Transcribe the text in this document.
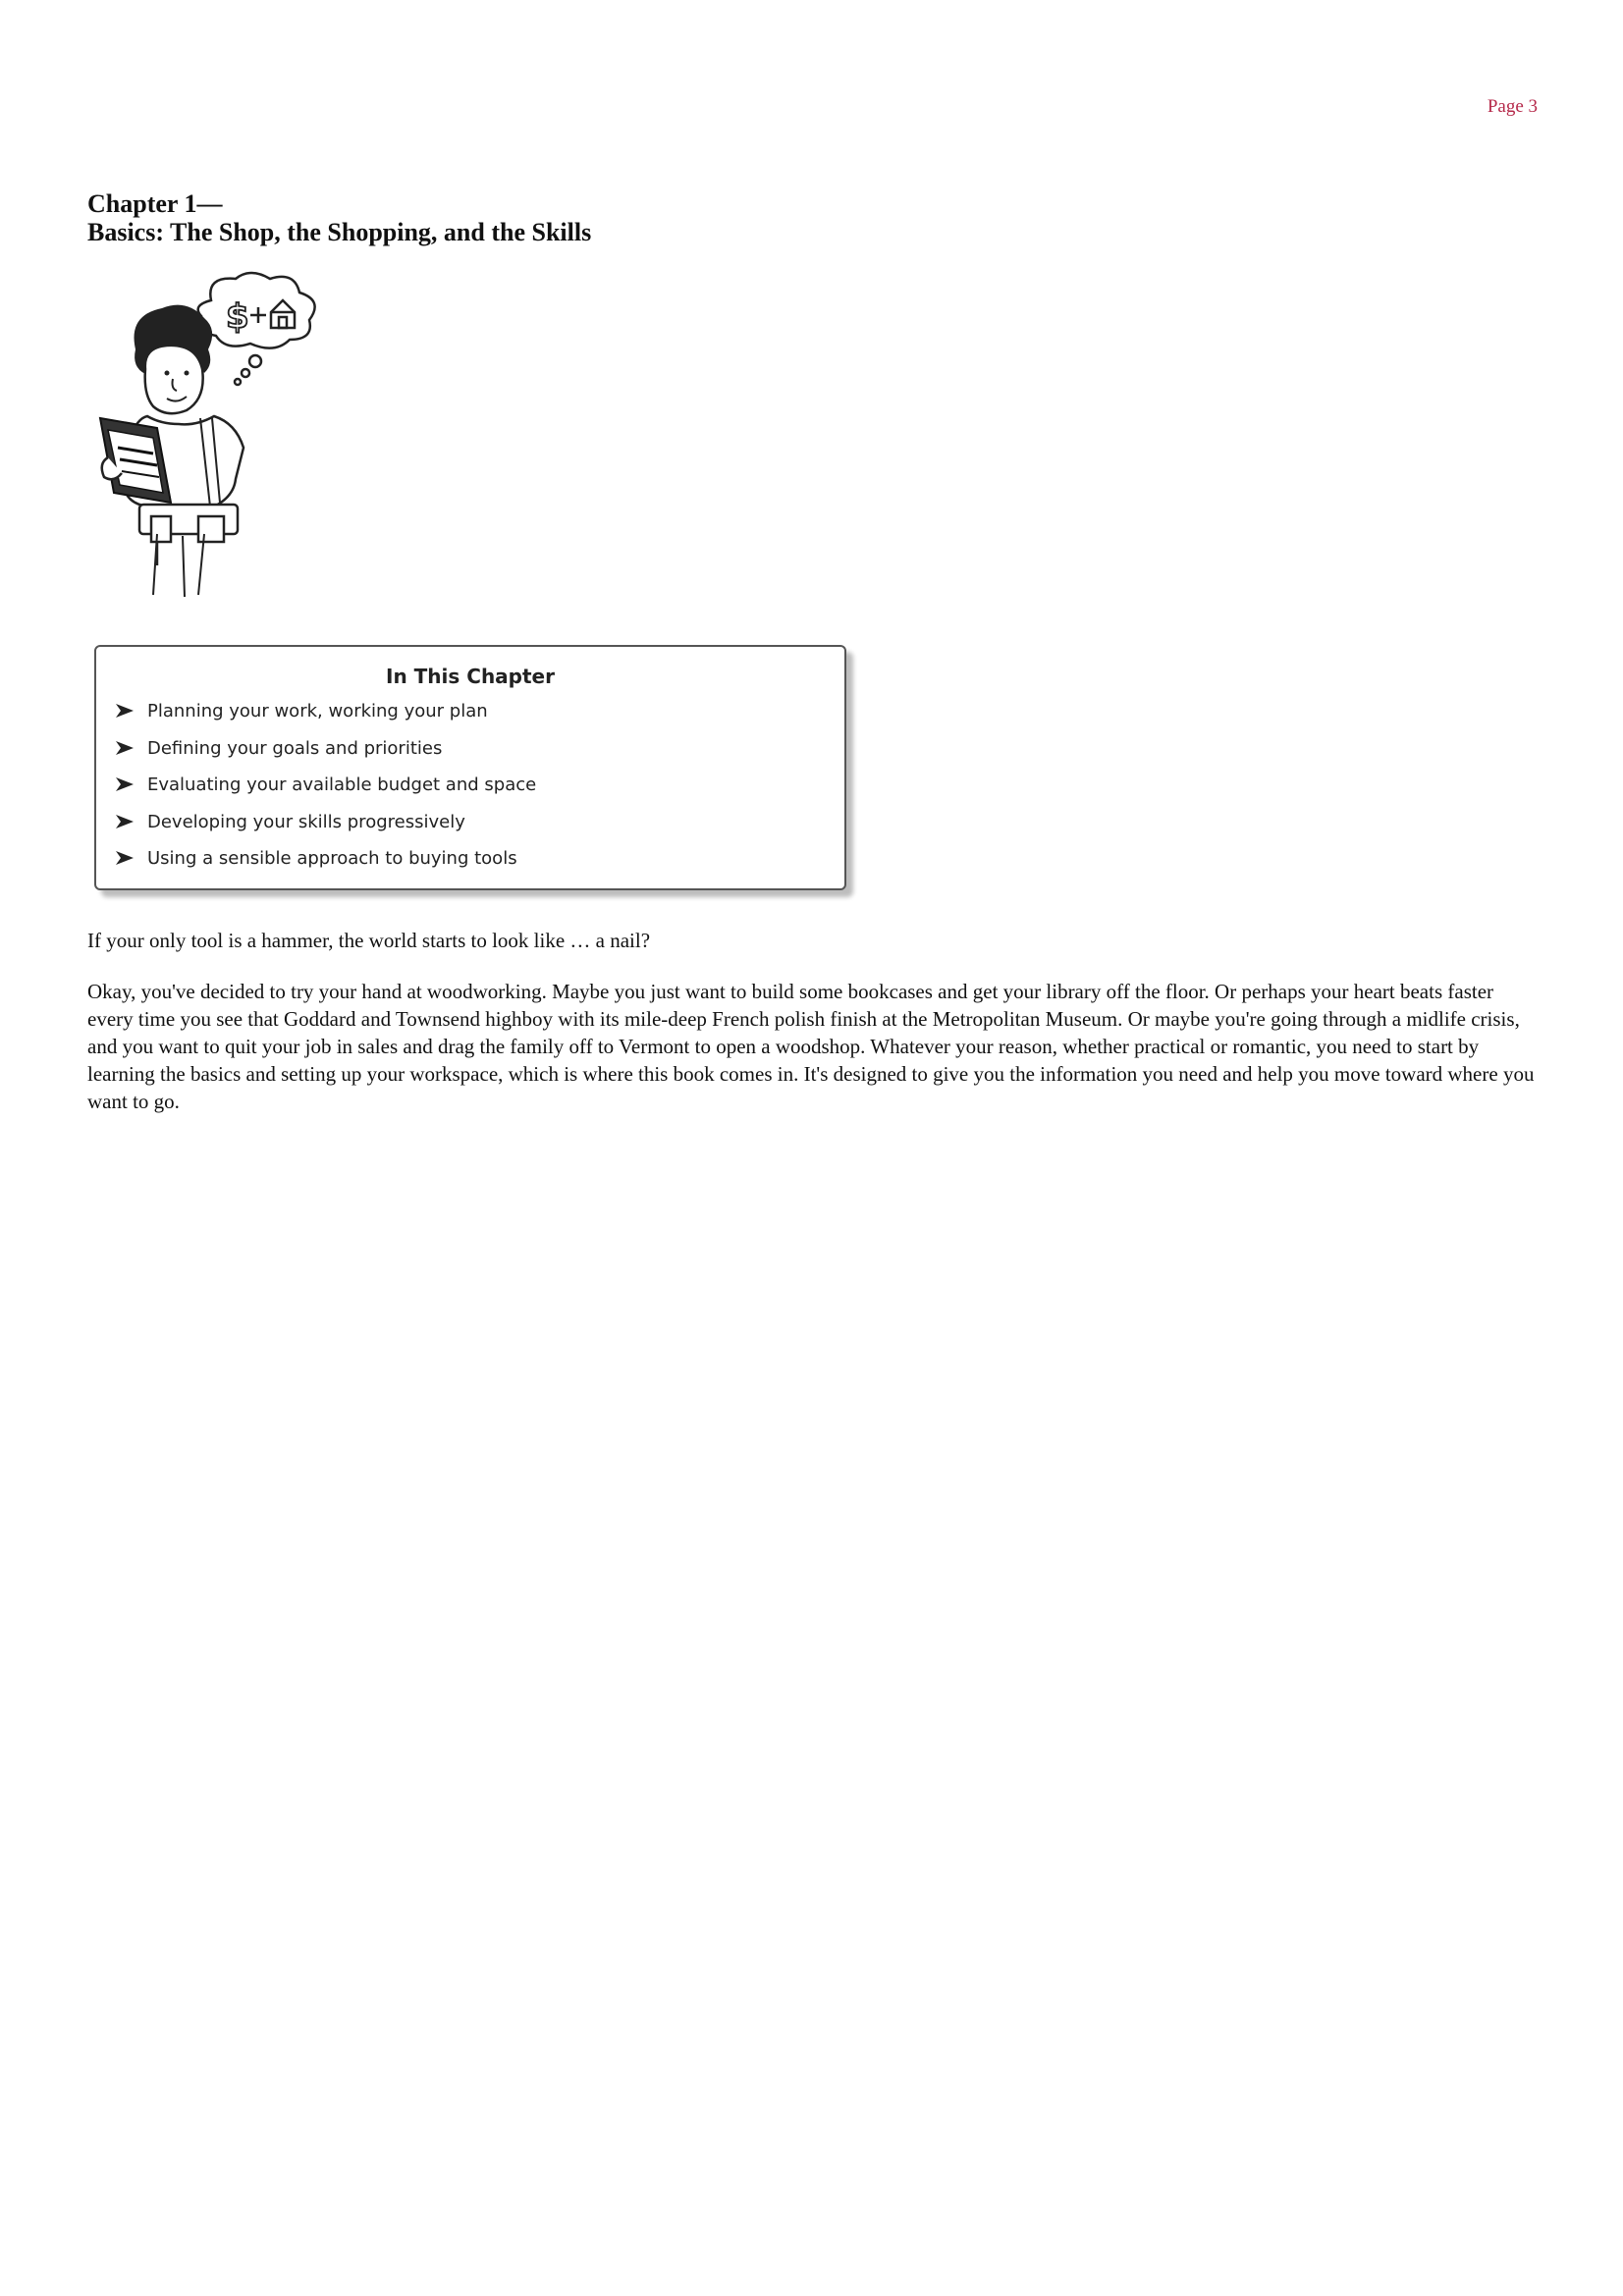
Page 3
Chapter 1—
Basics: The Shop, the Shopping, and the Skills
$
In This Chapter
Planning your work, working your plan
Defining your goals and priorities
Evaluating your available budget and space
Developing your skills progressively
Using a sensible approach to buying tools

If your only tool is a hammer, the world starts to look like … a nail?

Okay, you've decided to try your hand at woodworking. Maybe you just want to build some bookcases and get your library off the floor. Or perhaps your heart beats faster every time you see that Goddard and Townsend highboy with its mile-deep French polish finish at the Metropolitan Museum. Or maybe you're going through a midlife crisis, and you want to quit your job in sales and drag the family off to Vermont to open a woodshop. Whatever your reason, whether practical or romantic, you need to start by learning the basics and setting up your workspace, which is where this book comes in. It's designed to give you the information you need and help you move toward where you want to go.
